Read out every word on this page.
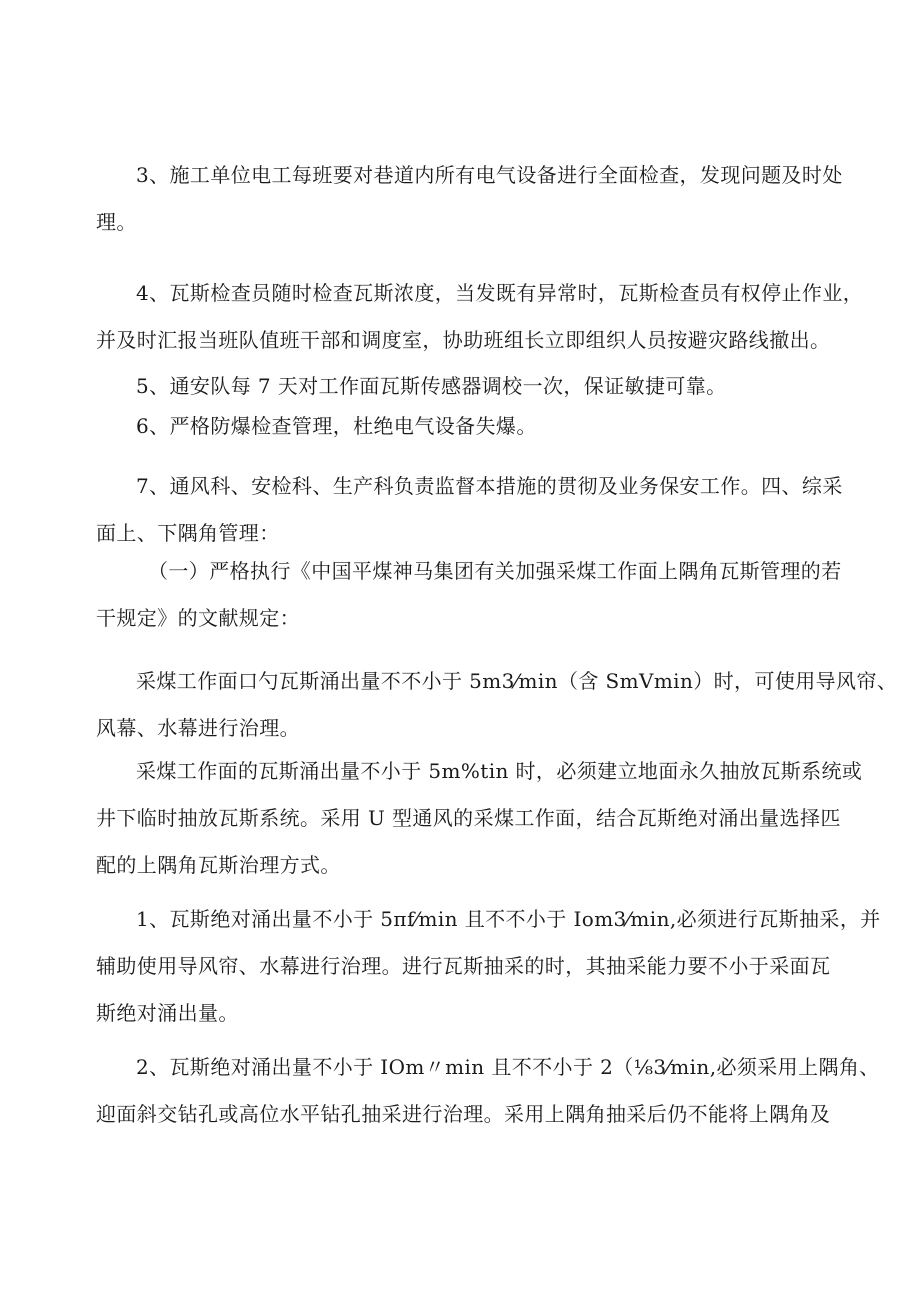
3、施工单位电工每班要对巷道内所有电气设备进行全面检查，发现问题及时处
理。

4、瓦斯检查员随时检查瓦斯浓度，当发既有异常时，瓦斯检查员有权停止作业，
并及时汇报当班队值班干部和调度室，协助班组长立即组织人员按避灾路线撤出。

5、通安队每 7 天对工作面瓦斯传感器调校一次，保证敏捷可靠。

6、严格防爆检查管理，杜绝电气设备失爆。

7、通风科、安检科、生产科负责监督本措施的贯彻及业务保安工作。四、综采
面上、下隅角管理：

（一）严格执行《中国平煤神马集团有关加强采煤工作面上隅角瓦斯管理的若
干规定》的文献规定：

采煤工作面口勺瓦斯涌出量不不小于 5m3⁄min（含 SmVmin）时，可使用导风帘、
风幕、水幕进行治理。

采煤工作面的瓦斯涌出量不小于 5m%tin 时，必须建立地面永久抽放瓦斯系统或
井下临时抽放瓦斯系统。采用 U 型通风的采煤工作面，结合瓦斯绝对涌出量选择匹
配的上隅角瓦斯治理方式。

1、瓦斯绝对涌出量不小于 5πf⁄min 且不不小于 Iom3⁄min,必须进行瓦斯抽采，并
辅助使用导风帘、水幕进行治理。进行瓦斯抽采的时，其抽采能力要不小于采面瓦
斯绝对涌出量。

2、瓦斯绝对涌出量不小于 IOm〃min 且不不小于 2（⅛3⁄min,必须采用上隅角、
迎面斜交钻孔或高位水平钻孔抽采进行治理。采用上隅角抽采后仍不能将上隅角及
